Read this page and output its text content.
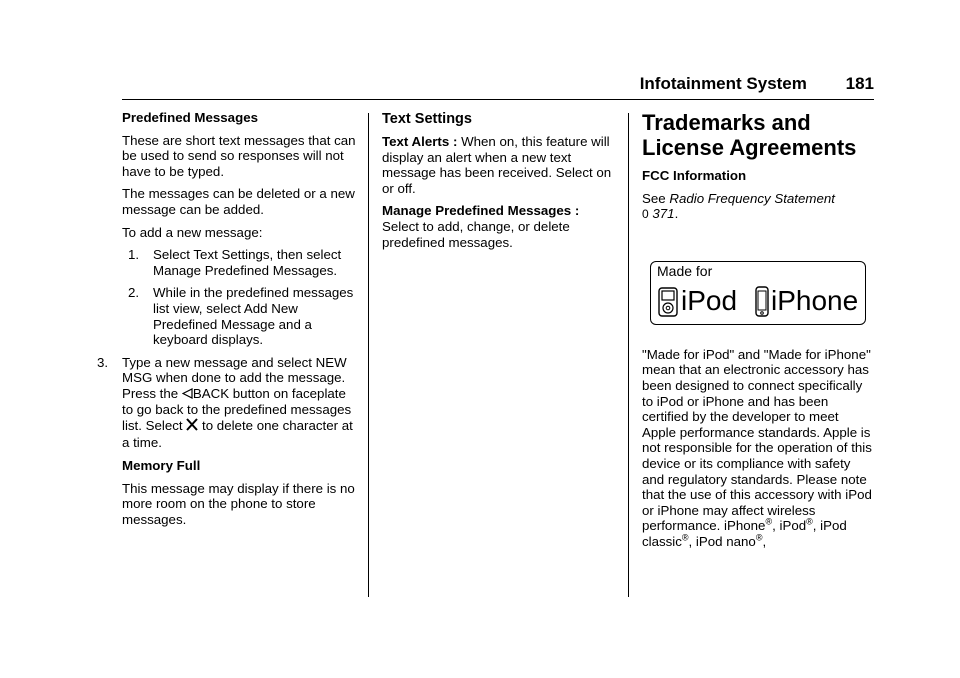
Infotainment System 181

Predefined Messages

These are short text messages that can be used to send so responses will not have to be typed.

The messages can be deleted or a new message can be added.

To add a new message:

1. Select Text Settings, then select Manage Predefined Messages.
2. While in the predefined messages list view, select Add New Predefined Message and a keyboard displays.
3. Type a new message and select NEW MSG when done to add the message. Press the BACK button on faceplate to go back to the predefined messages list. Select to delete one character at a time.

Memory Full

This message may display if there is no more room on the phone to store messages.

Text Settings

Text Alerts : When on, this feature will display an alert when a new text message has been received. Select on or off.

Manage Predefined Messages :
Select to add, change, or delete predefined messages.

Trademarks and
License Agreements

FCC Information

See Radio Frequency Statement
0 371.

Made for
iPod iPhone

"Made for iPod" and "Made for iPhone" mean that an electronic accessory has been designed to connect specifically to iPod or iPhone and has been certified by the developer to meet Apple performance standards. Apple is not responsible for the operation of this device or its compliance with safety and regulatory standards. Please note that the use of this accessory with iPod or iPhone may affect wireless performance. iPhone®, iPod®, iPod classic®, iPod nano®,
